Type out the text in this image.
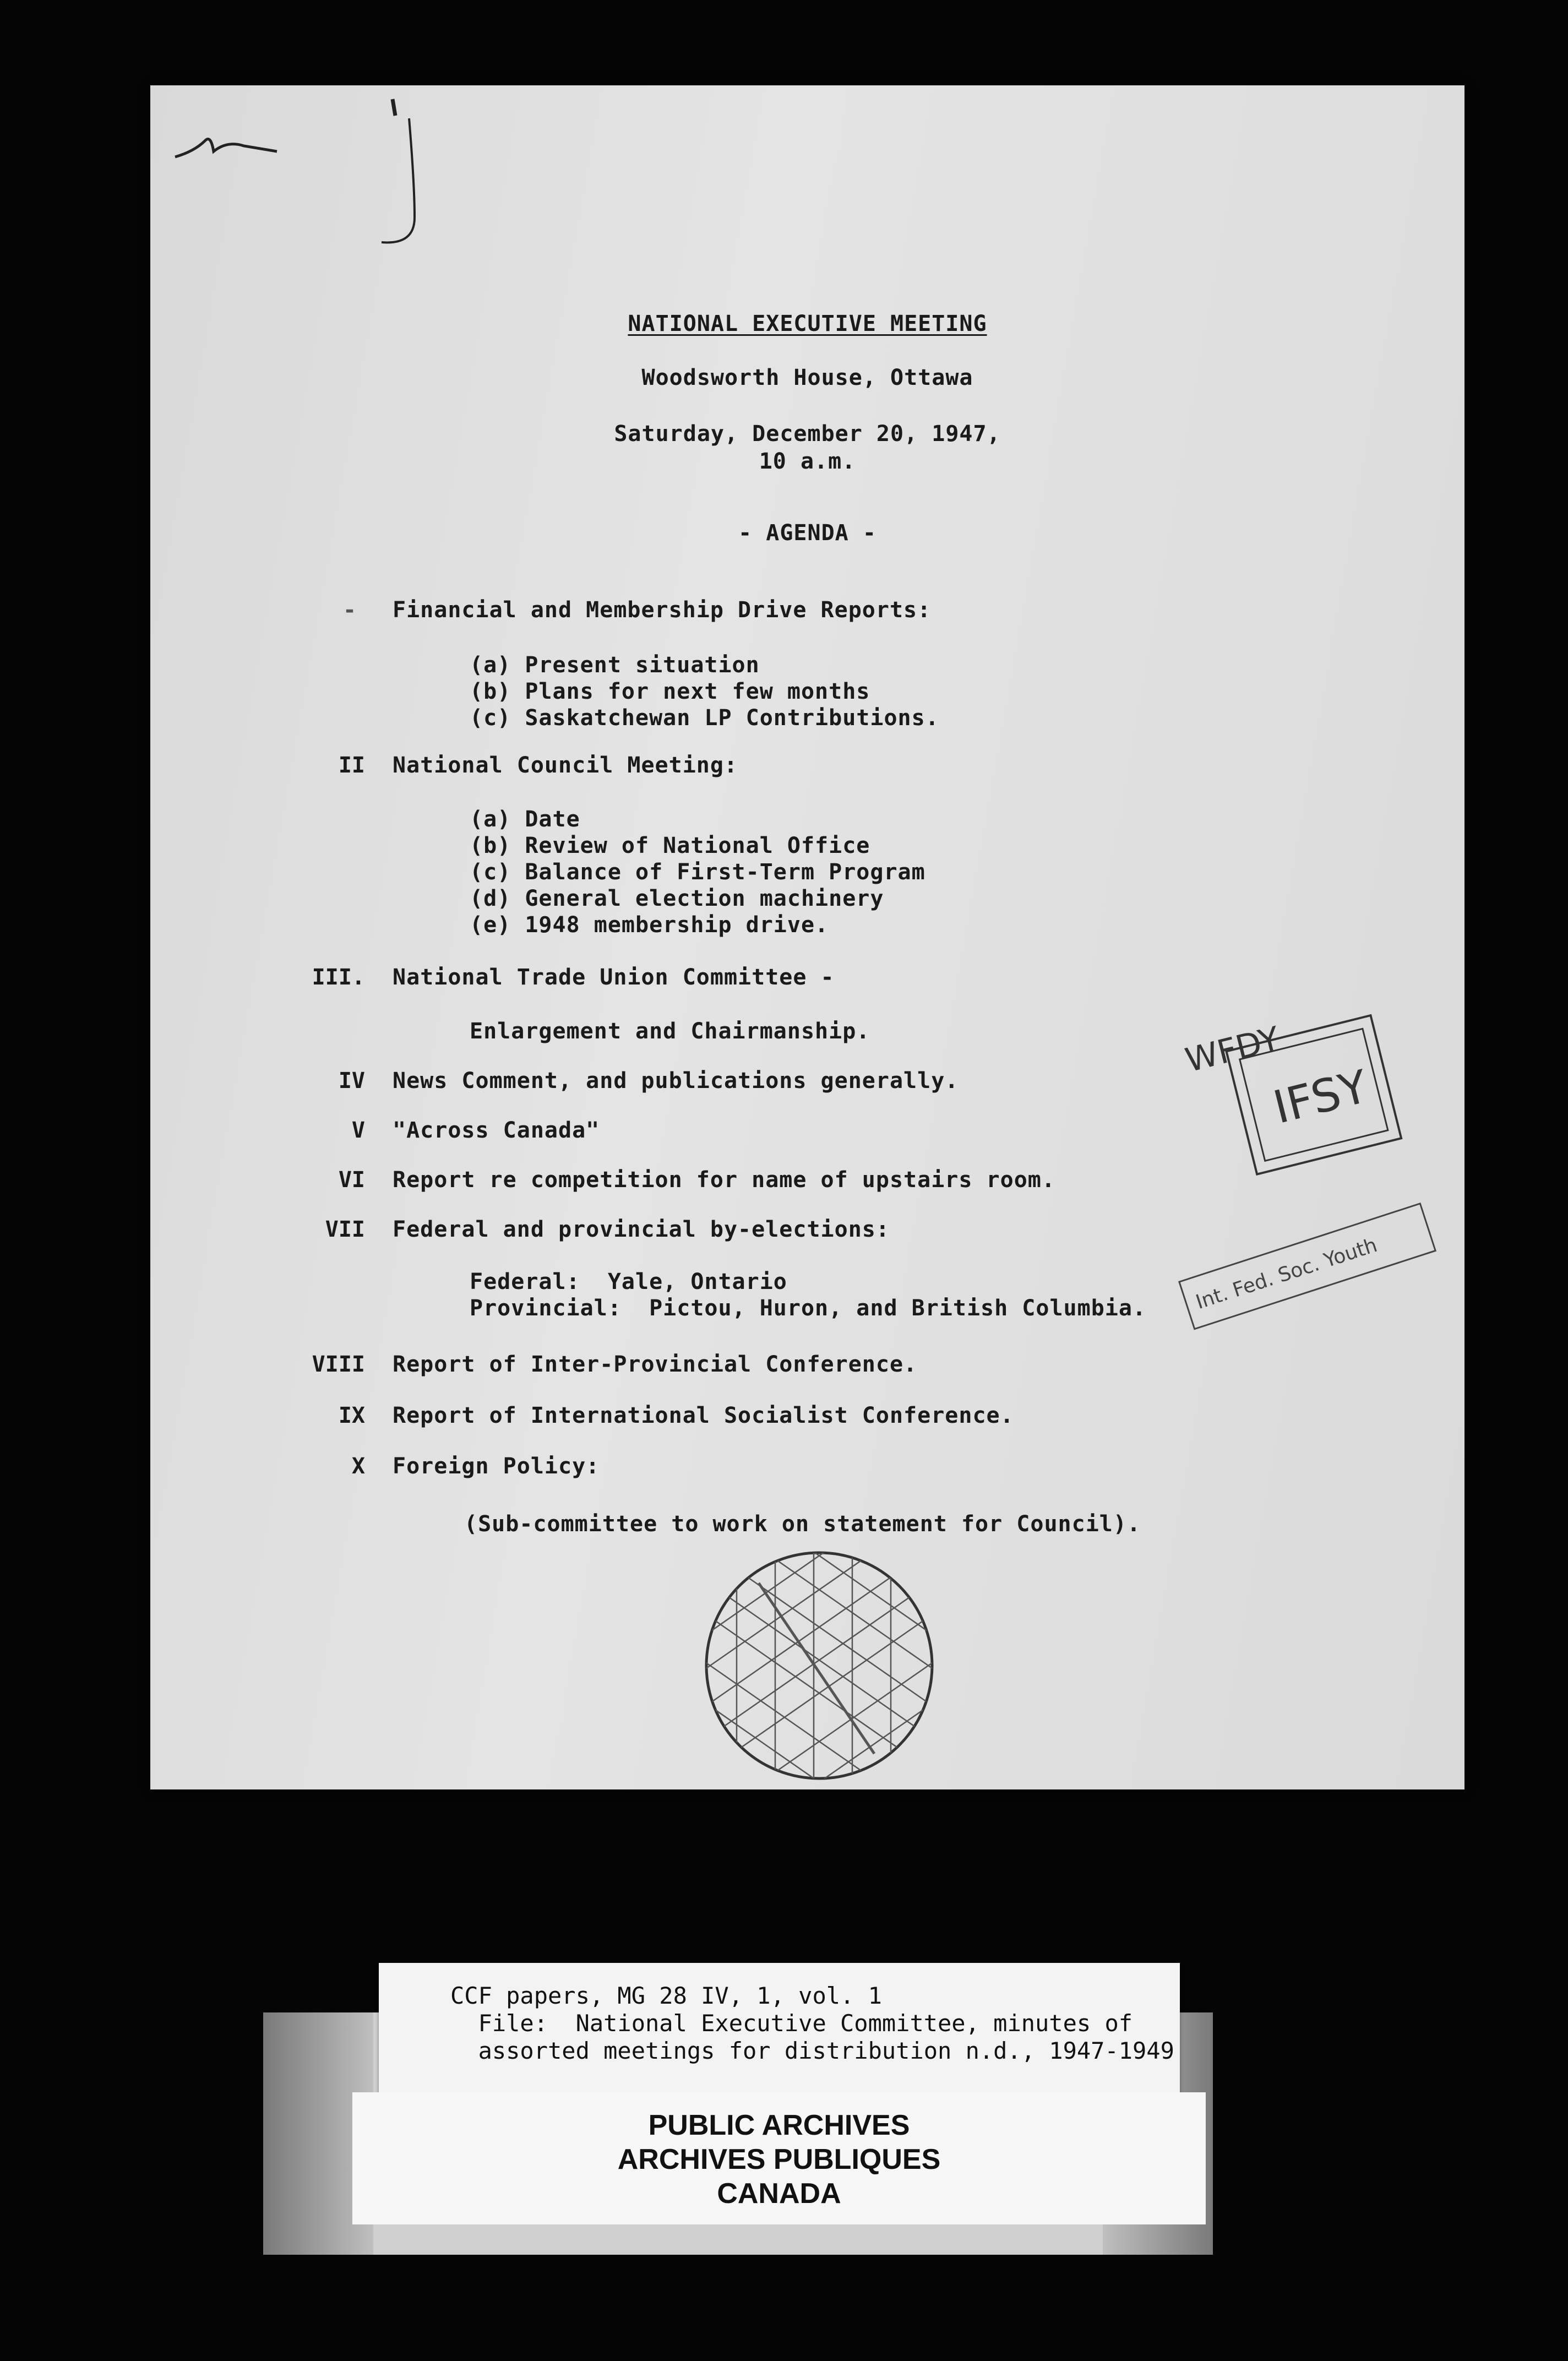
NATIONAL EXECUTIVE MEETING
Woodsworth House, Ottawa
Saturday, December 20, 1947,
10 a.m.
- AGENDA -
- Financial and Membership Drive Reports:
(a) Present situation
(b) Plans for next few months
(c) Saskatchewan LP Contributions.
II National Council Meeting:
(a) Date
(b) Review of National Office
(c) Balance of First-Term Program
(d) General election machinery
(e) 1948 membership drive.
III. National Trade Union Committee -
Enlargement and Chairmanship.
IV News Comment, and publications generally.
V "Across Canada"
VI Report re competition for name of upstairs room.
VII Federal and provincial by-elections:
Federal:  Yale, Ontario
Provincial:  Pictou, Huron, and British Columbia.
VIII Report of Inter-Provincial Conference.
IX Report of International Socialist Conference.
X Foreign Policy:
(Sub-committee to work on statement for Council).
WFDY
IFSY
Int. Fed. Soc. Youth
CCF papers, MG 28 IV, 1, vol. 1
File:  National Executive Committee, minutes of
assorted meetings for distribution n.d., 1947-1949
PUBLIC ARCHIVES
ARCHIVES PUBLIQUES
CANADA
